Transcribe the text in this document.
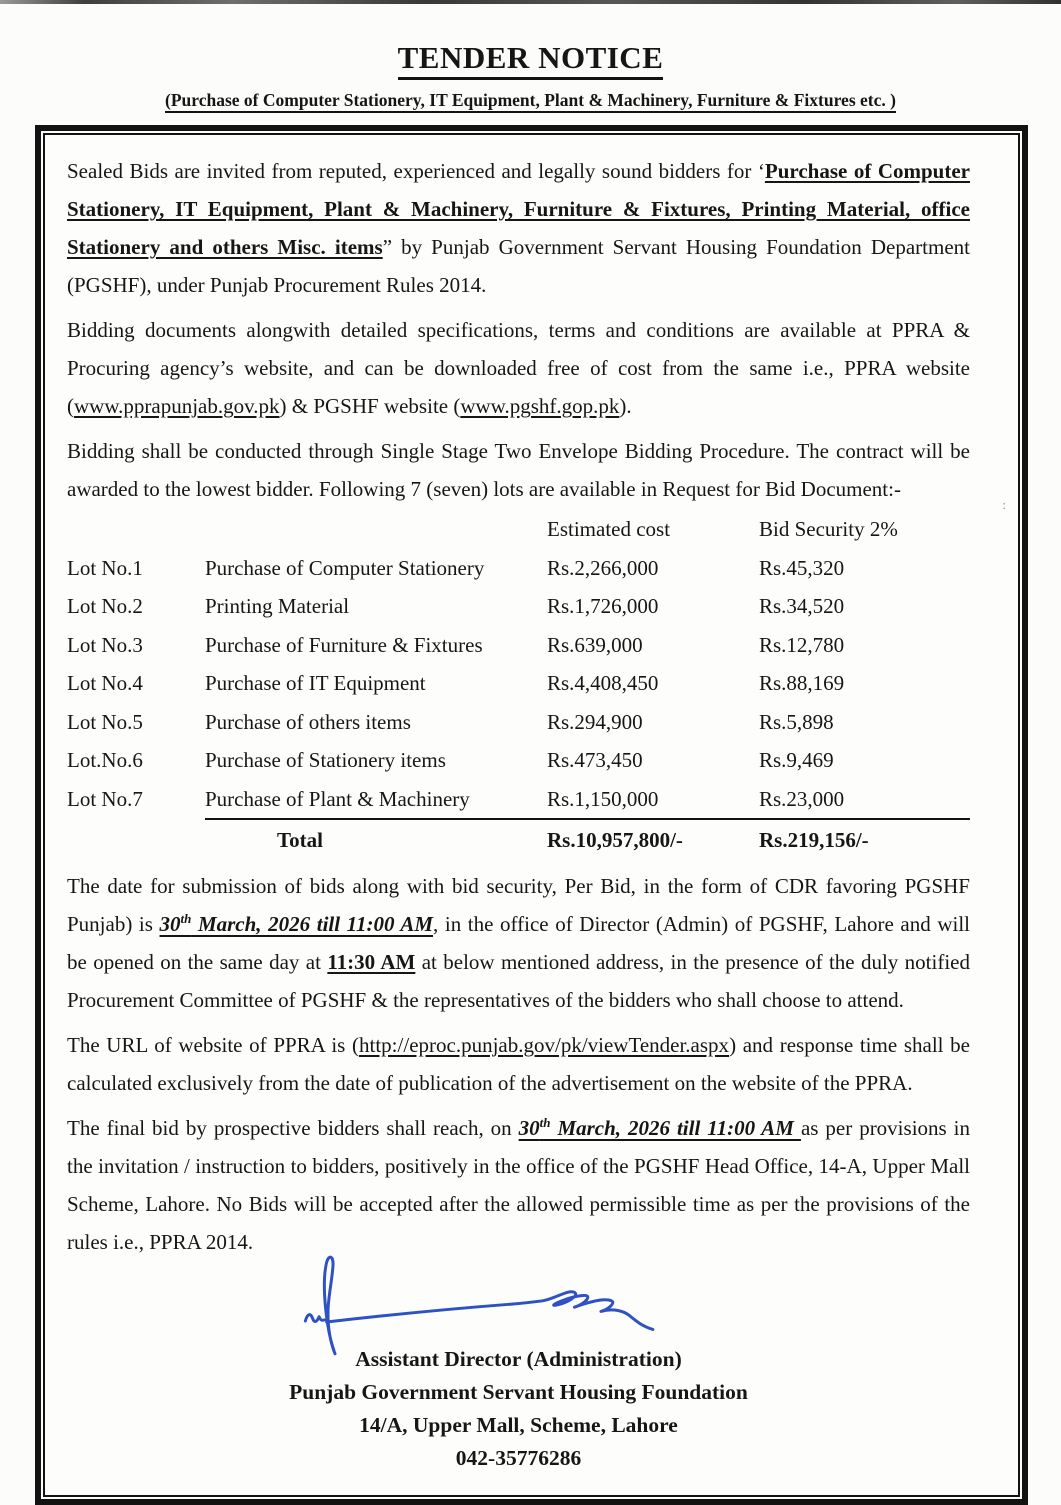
TENDER NOTICE
(Purchase of Computer Stationery, IT Equipment, Plant & Machinery, Furniture & Fixtures etc. )

Sealed Bids are invited from reputed, experienced and legally sound bidders for ‘Purchase of Computer Stationery, IT Equipment, Plant & Machinery, Furniture & Fixtures, Printing Material, office Stationery and others Misc. items” by Punjab Government Servant Housing Foundation Department (PGSHF), under Punjab Procurement Rules 2014.

Bidding documents alongwith detailed specifications, terms and conditions are available at PPRA & Procuring agency’s website, and can be downloaded free of cost from the same i.e., PPRA website (www.pprapunjab.gov.pk) & PGSHF website (www.pgshf.gop.pk).

Bidding shall be conducted through Single Stage Two Envelope Bidding Procedure. The contract will be awarded to the lowest bidder. Following 7 (seven) lots are available in Request for Bid Document:-

		Estimated cost	Bid Security 2%
Lot No.1	Purchase of Computer Stationery	Rs.2,266,000	Rs.45,320
Lot No.2	Printing Material	Rs.1,726,000	Rs.34,520
Lot No.3	Purchase of Furniture & Fixtures	Rs.639,000	Rs.12,780
Lot No.4	Purchase of IT Equipment	Rs.4,408,450	Rs.88,169
Lot No.5	Purchase of others items	Rs.294,900	Rs.5,898
Lot.No.6	Purchase of Stationery items	Rs.473,450	Rs.9,469
Lot No.7	Purchase of Plant & Machinery	Rs.1,150,000	Rs.23,000
	Total	Rs.10,957,800/-	Rs.219,156/-

The date for submission of bids along with bid security, Per Bid, in the form of CDR favoring PGSHF Punjab) is 30th March, 2026 till 11:00 AM, in the office of Director (Admin) of PGSHF, Lahore and will be opened on the same day at 11:30 AM at below mentioned address, in the presence of the duly notified Procurement Committee of PGSHF & the representatives of the bidders who shall choose to attend.

The URL of website of PPRA is (http://eproc.punjab.gov/pk/viewTender.aspx) and response time shall be calculated exclusively from the date of publication of the advertisement on the website of the PPRA.

The final bid by prospective bidders shall reach, on 30th March, 2026 till 11:00 AM as per provisions in the invitation / instruction to bidders, positively in the office of the PGSHF Head Office, 14-A, Upper Mall Scheme, Lahore. No Bids will be accepted after the allowed permissible time as per the provisions of the rules i.e., PPRA 2014.

Assistant Director (Administration)
Punjab Government Servant Housing Foundation
14/A, Upper Mall, Scheme, Lahore
042-35776286
:
